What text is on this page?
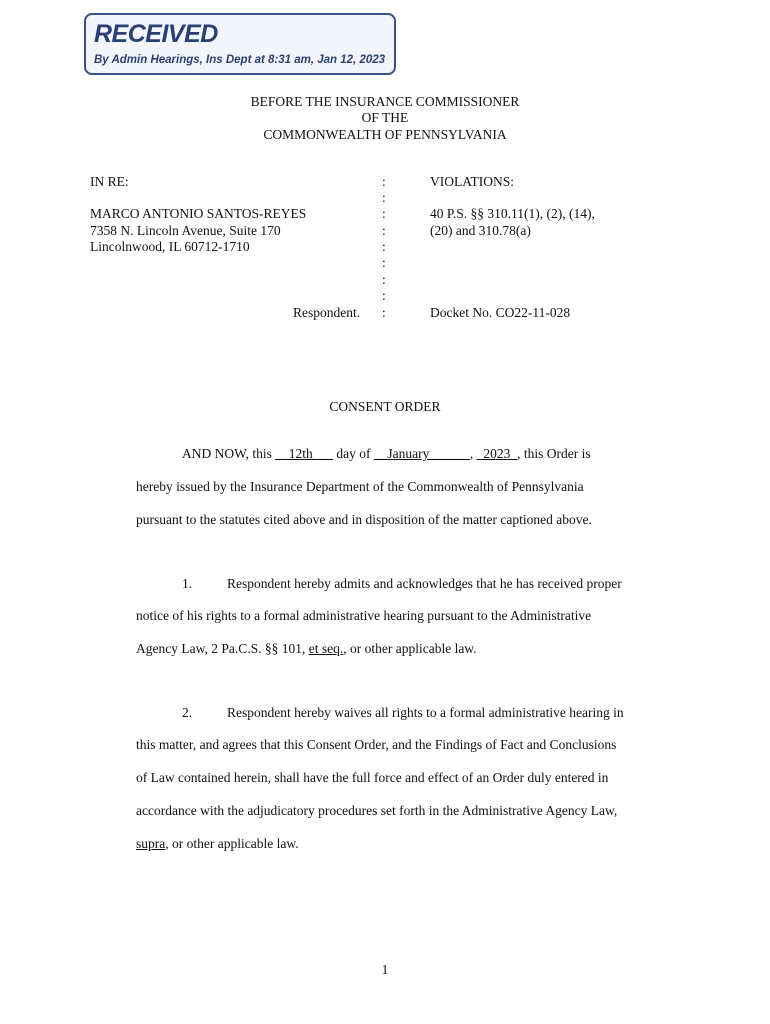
RECEIVED
By Admin Hearings, Ins Dept at 8:31 am, Jan 12, 2023
BEFORE THE INSURANCE COMMISSIONER
OF THE
COMMONWEALTH OF PENNSYLVANIA
IN RE:
MARCO ANTONIO SANTOS-REYES
7358 N. Lincoln Avenue, Suite 170
Lincolnwood, IL 60712-1710
Respondent.
:
:
:
:
:
:
:
:
:
VIOLATIONS:
40 P.S. §§ 310.11(1), (2), (14),
(20) and 310.78(a)
Docket No. CO22-11-028
CONSENT ORDER
AND NOW, this __12th___ day of __January______, _2023_, this Order is
hereby issued by the Insurance Department of the Commonwealth of Pennsylvania
pursuant to the statutes cited above and in disposition of the matter captioned above.
1.	Respondent hereby admits and acknowledges that he has received proper
notice of his rights to a formal administrative hearing pursuant to the Administrative
Agency Law, 2 Pa.C.S. §§ 101, et seq., or other applicable law.
2.	Respondent hereby waives all rights to a formal administrative hearing in
this matter, and agrees that this Consent Order, and the Findings of Fact and Conclusions
of Law contained herein, shall have the full force and effect of an Order duly entered in
accordance with the adjudicatory procedures set forth in the Administrative Agency Law,
supra, or other applicable law.
1
